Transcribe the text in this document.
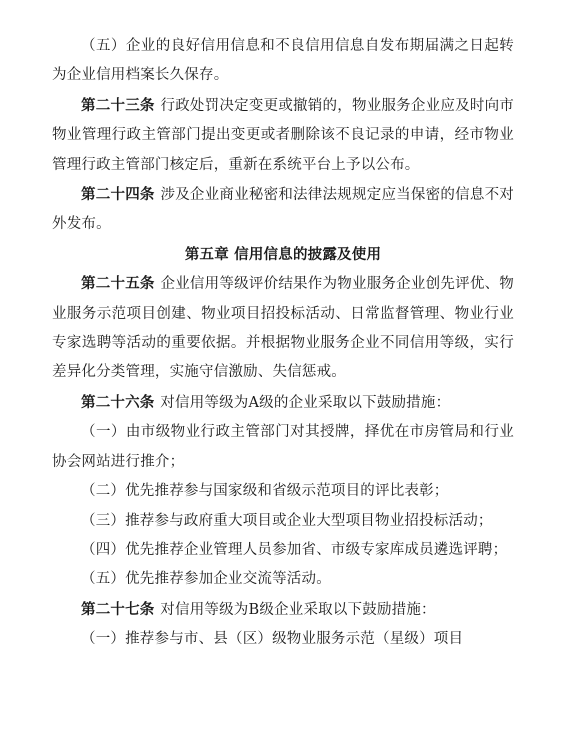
（五）企业的良好信用信息和不良信用信息自发布期届满之日起转为企业信用档案长久保存。

第二十三条 行政处罚决定变更或撤销的，物业服务企业应及时向市物业管理行政主管部门提出变更或者删除该不良记录的申请，经市物业管理行政主管部门核定后，重新在系统平台上予以公布。

第二十四条 涉及企业商业秘密和法律法规规定应当保密的信息不对外发布。

第五章 信用信息的披露及使用

第二十五条 企业信用等级评价结果作为物业服务企业创先评优、物业服务示范项目创建、物业项目招投标活动、日常监督管理、物业行业专家选聘等活动的重要依据。并根据物业服务企业不同信用等级，实行差异化分类管理，实施守信激励、失信惩戒。

第二十六条 对信用等级为A级的企业采取以下鼓励措施：

（一）由市级物业行政主管部门对其授牌，择优在市房管局和行业协会网站进行推介；

（二）优先推荐参与国家级和省级示范项目的评比表彰；

（三）推荐参与政府重大项目或企业大型项目物业招投标活动；

（四）优先推荐企业管理人员参加省、市级专家库成员遴选评聘；

（五）优先推荐参加企业交流等活动。

第二十七条 对信用等级为B级企业采取以下鼓励措施：

（一）推荐参与市、县（区）级物业服务示范（星级）项目
